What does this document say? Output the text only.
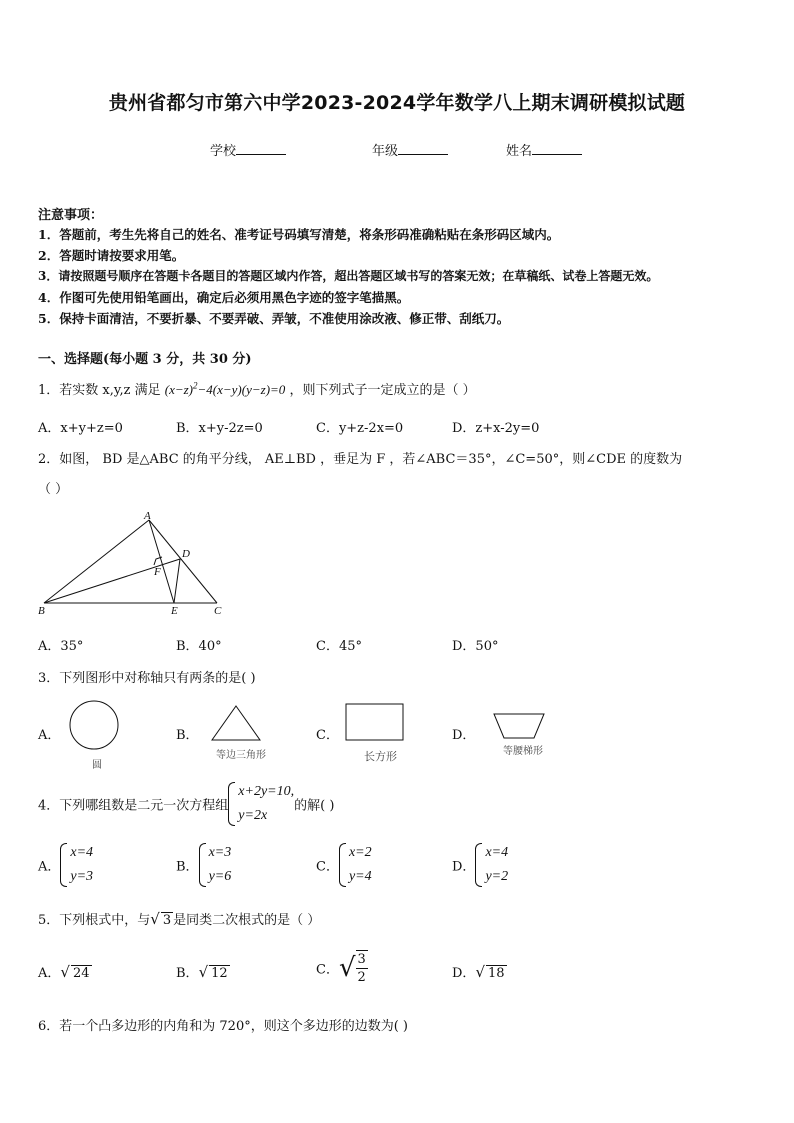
贵州省都匀市第六中学2023-2024学年数学八上期末调研模拟试题
学校	年级	姓名
注意事项：
1．答题前，考生先将自己的姓名、准考证号码填写清楚，将条形码准确粘贴在条形码区域内。
2．答题时请按要求用笔。
3．请按照题号顺序在答题卡各题目的答题区域内作答，超出答题区域书写的答案无效；在草稿纸、试卷上答题无效。
4．作图可先使用铅笔画出，确定后必须用黑色字迹的签字笔描黑。
5．保持卡面清洁，不要折暴、不要弄破、弄皱，不准使用涂改液、修正带、刮纸刀。
一、选择题(每小题 3 分，共 30 分)
1．若实数 x,y,z 满足 $(x-z)^2-4(x-y)(y-z)=0$ ，则下列式子一定成立的是（ ）
A．x+y+z=0	B．x+y-2z=0	C．y+z-2x=0	D．z+x-2y=0
2．如图， BD 是△ABC 的角平分线， AE⊥BD ，垂足为 F ，若∠ABC＝35°，∠C=50°，则∠CDE 的度数为
（ ）
A
D
F
B	E	C
A．35°	B．40°	C．45°	D．50°
3．下列图形中对称轴只有两条的是( )
A．
圆
B．
等边三角形
C．
长方形
D．
等腰梯形
4．下列哪组数是二元一次方程组x+2y=10,
y=2x的解( )
A．x=4
y=3
B．x=3
y=6
C．x=2
y=4
D．x=4
y=2
5．下列根式中，与√ 3 是同类二次根式的是（ ）
A．√ 24	B．√ 12	C．√ $\frac{3}{2}$	D．√ 18
6．若一个凸多边形的内角和为 720°，则这个多边形的边数为( )
